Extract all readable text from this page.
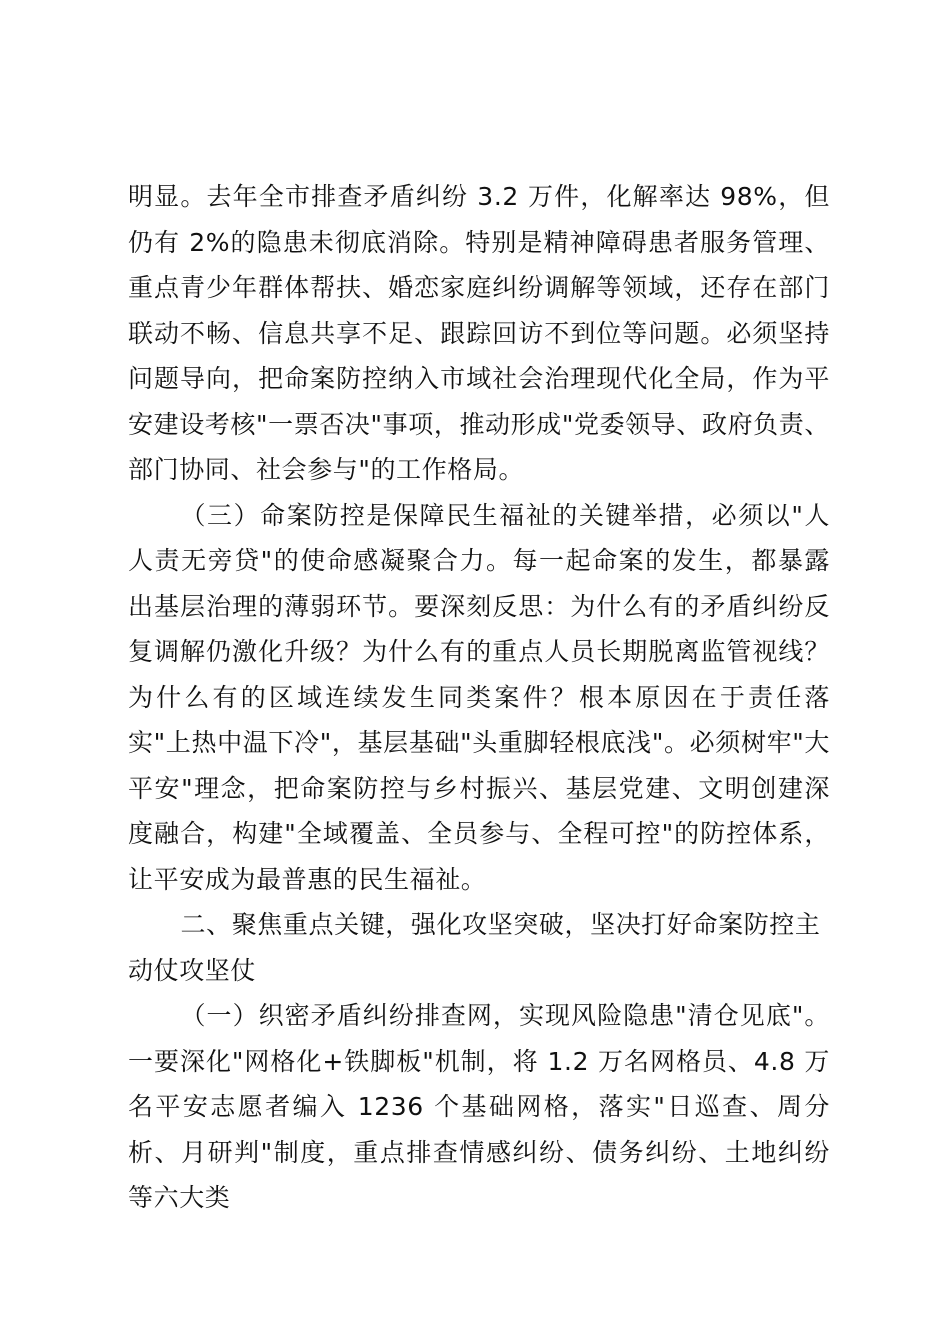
明显。去年全市排查矛盾纠纷 3.2 万件，化解率达 98%，但仍有 2%的隐患未彻底消除。特别是精神障碍患者服务管理、重点青少年群体帮扶、婚恋家庭纠纷调解等领域，还存在部门联动不畅、信息共享不足、跟踪回访不到位等问题。必须坚持问题导向，把命案防控纳入市域社会治理现代化全局，作为平安建设考核"一票否决"事项，推动形成"党委领导、政府负责、部门协同、社会参与"的工作格局。

（三）命案防控是保障民生福祉的关键举措，必须以"人人责无旁贷"的使命感凝聚合力。每一起命案的发生，都暴露出基层治理的薄弱环节。要深刻反思：为什么有的矛盾纠纷反复调解仍激化升级？为什么有的重点人员长期脱离监管视线？为什么有的区域连续发生同类案件？根本原因在于责任落实"上热中温下冷"，基层基础"头重脚轻根底浅"。必须树牢"大平安"理念，把命案防控与乡村振兴、基层党建、文明创建深度融合，构建"全域覆盖、全员参与、全程可控"的防控体系，让平安成为最普惠的民生福祉。

二、聚焦重点关键，强化攻坚突破，坚决打好命案防控主动仗攻坚仗

（一）织密矛盾纠纷排查网，实现风险隐患"清仓见底"。一要深化"网格化+铁脚板"机制，将 1.2 万名网格员、4.8 万名平安志愿者编入 1236 个基础网格，落实"日巡查、周分析、月研判"制度，重点排查情感纠纷、债务纠纷、土地纠纷等六大类
